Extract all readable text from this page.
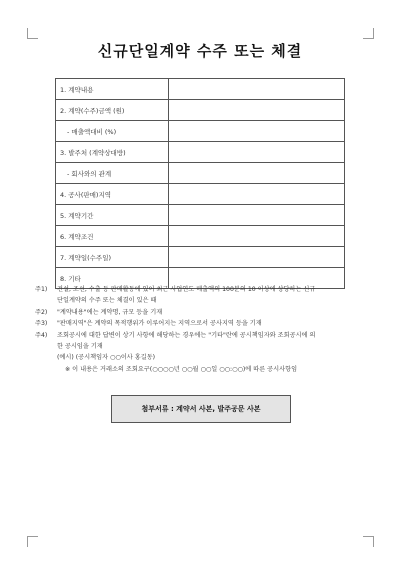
신규단일계약 수주 또는 체결
1. 계약내용	
2. 계약(수주)금액 (원)	
- 매출액대비 (%)	
3. 발주처 (계약상대방)	
- 회사와의 관계	
4. 공사(판매)지역	
5. 계약기간	
6. 계약조건	
7. 계약일(수주일)	
8. 기타	
주1)	건설, 조선, 수출 등 판매활동에 있어 최근 사업연도 매출액의 100분의 10 이상에 상당하는 신규
단일계약의 수주 또는 체결이 있은 때
주2)	"계약내용"에는 계약명, 규모 등을 기재
주3)	"판매지역"은 계약의 목적행위가 이루어지는 지역으로서 공사지역 등을 기재
주4)	조회공시에 대한 답변이 상기 사항에 해당하는 경우에는 "기타"란에 공시책임자와 조회공시에 의
한 공시임을 기재
(예시) (공시책임자 ○○이사 홍길동)
※ 이 내용은 거래소의 조회요구(○○○○년 ○○월 ○○일 ○○:○○)에 따른 공시사항임
첨부서류 : 계약서 사본, 발주공문 사본
